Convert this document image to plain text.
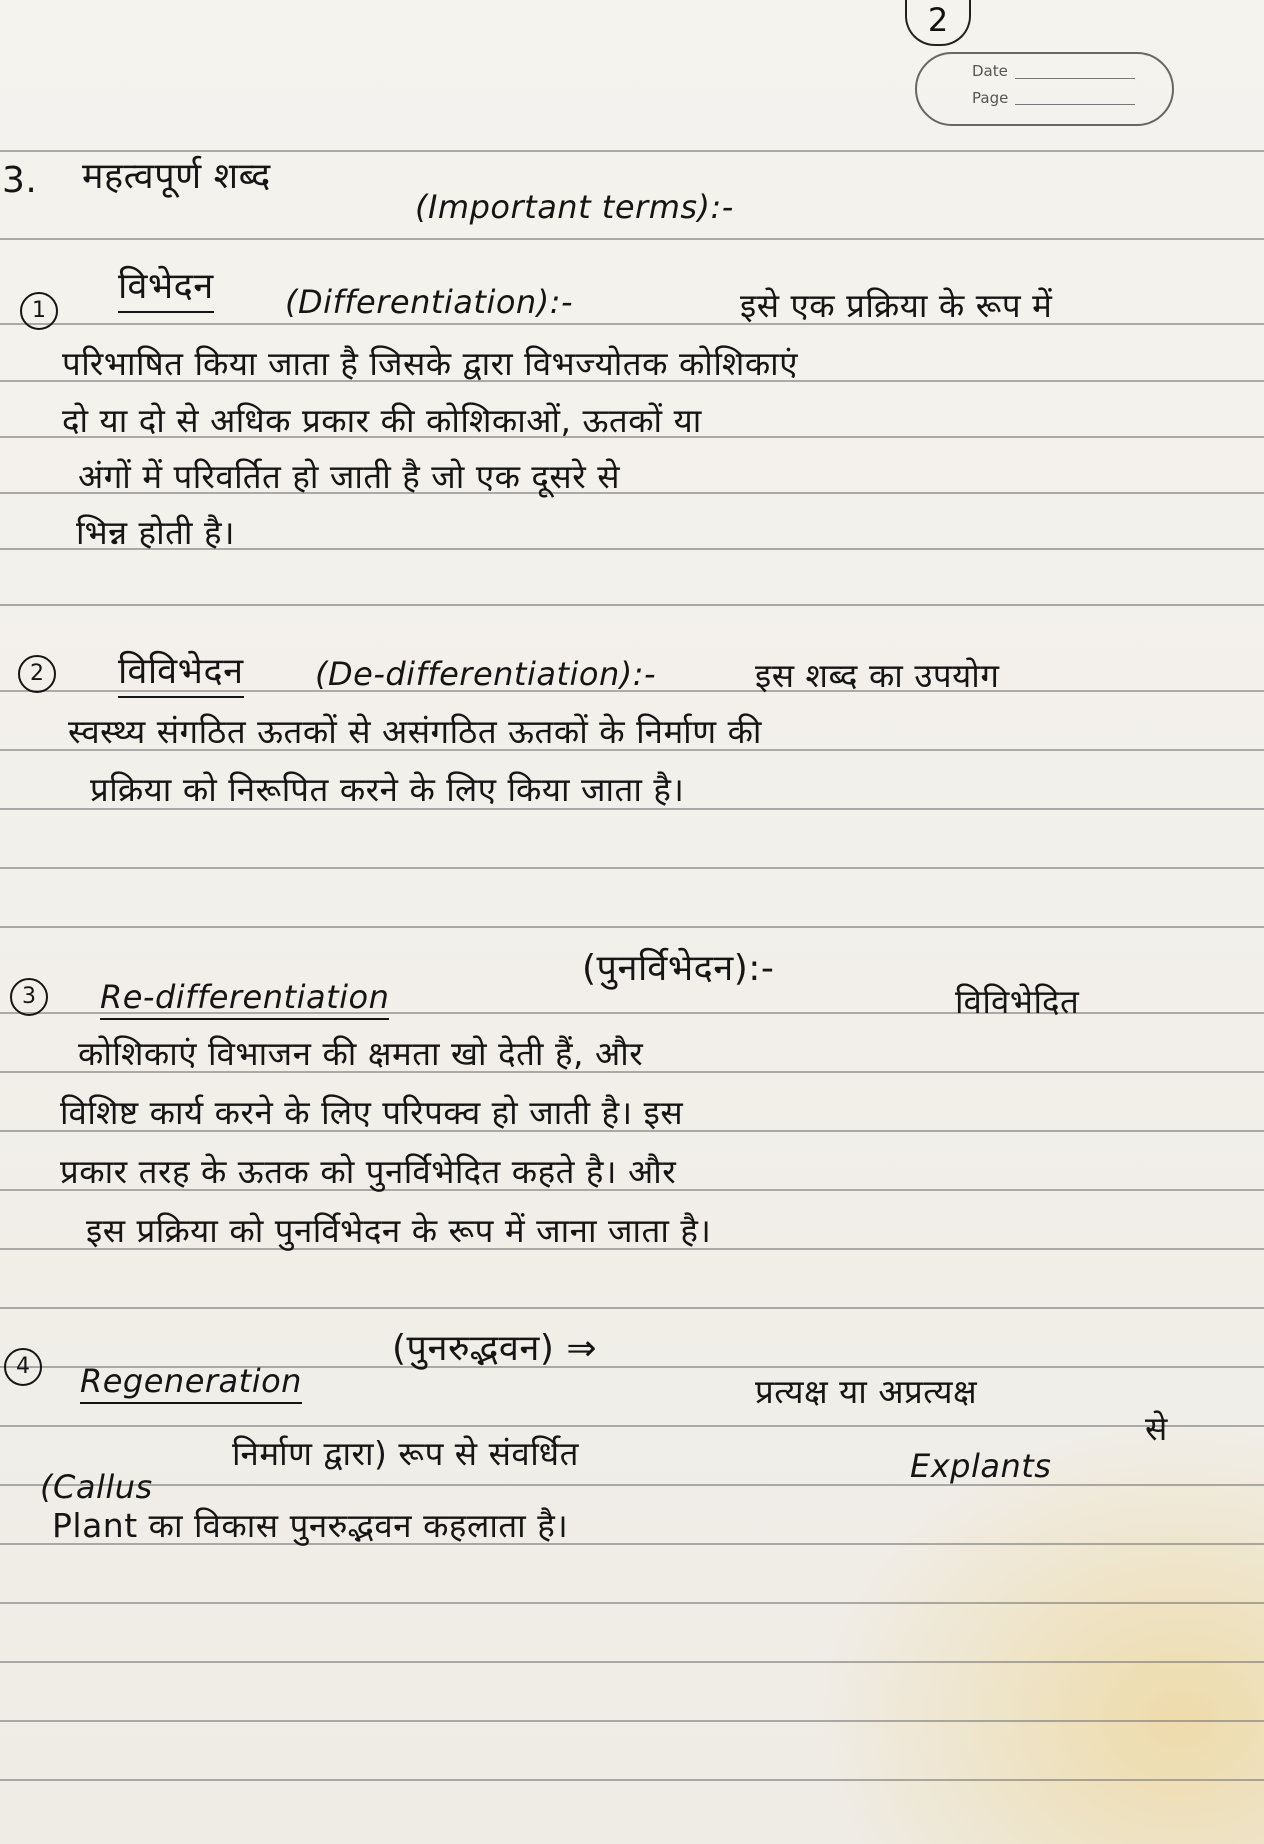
2
Date
Page
3. महत्वपूर्ण शब्द
(Important terms):-
1
विभेदन (Differentiation):-	इसे एक प्रक्रिया के रूप में
परिभाषित किया जाता है जिसके द्वारा विभज्योतक कोशिकाएं
दो या दो से अधिक प्रकार की कोशिकाओं, ऊतकों या
अंगों में परिवर्तित हो जाती है जो एक दूसरे से
भिन्न होती है।
2	विविभेदन (De-differentiation):-	इस शब्द का उपयोग
स्वस्थ्य संगठित ऊतकों से असंगठित ऊतकों के निर्माण की
प्रक्रिया को निरूपित करने के लिए किया जाता है।
3	Re-differentiation
(पुनर्विभेदन):-
विविभेदित
कोशिकाएं विभाजन की क्षमता खो देती हैं, और
विशिष्ट कार्य करने के लिए परिपक्व हो जाती है। इस
प्रकार तरह के ऊतक को पुनर्विभेदित कहते है। और
इस प्रक्रिया को पुनर्विभेदन के रूप में जाना जाता है।
4	Regeneration
(पुनरुद्भवन) ⇒
प्रत्यक्ष या अप्रत्यक्ष
(Callus
निर्माण द्वारा) रूप से संवर्धित	Explants
से
Plant का विकास पुनरुद्भवन कहलाता है।
